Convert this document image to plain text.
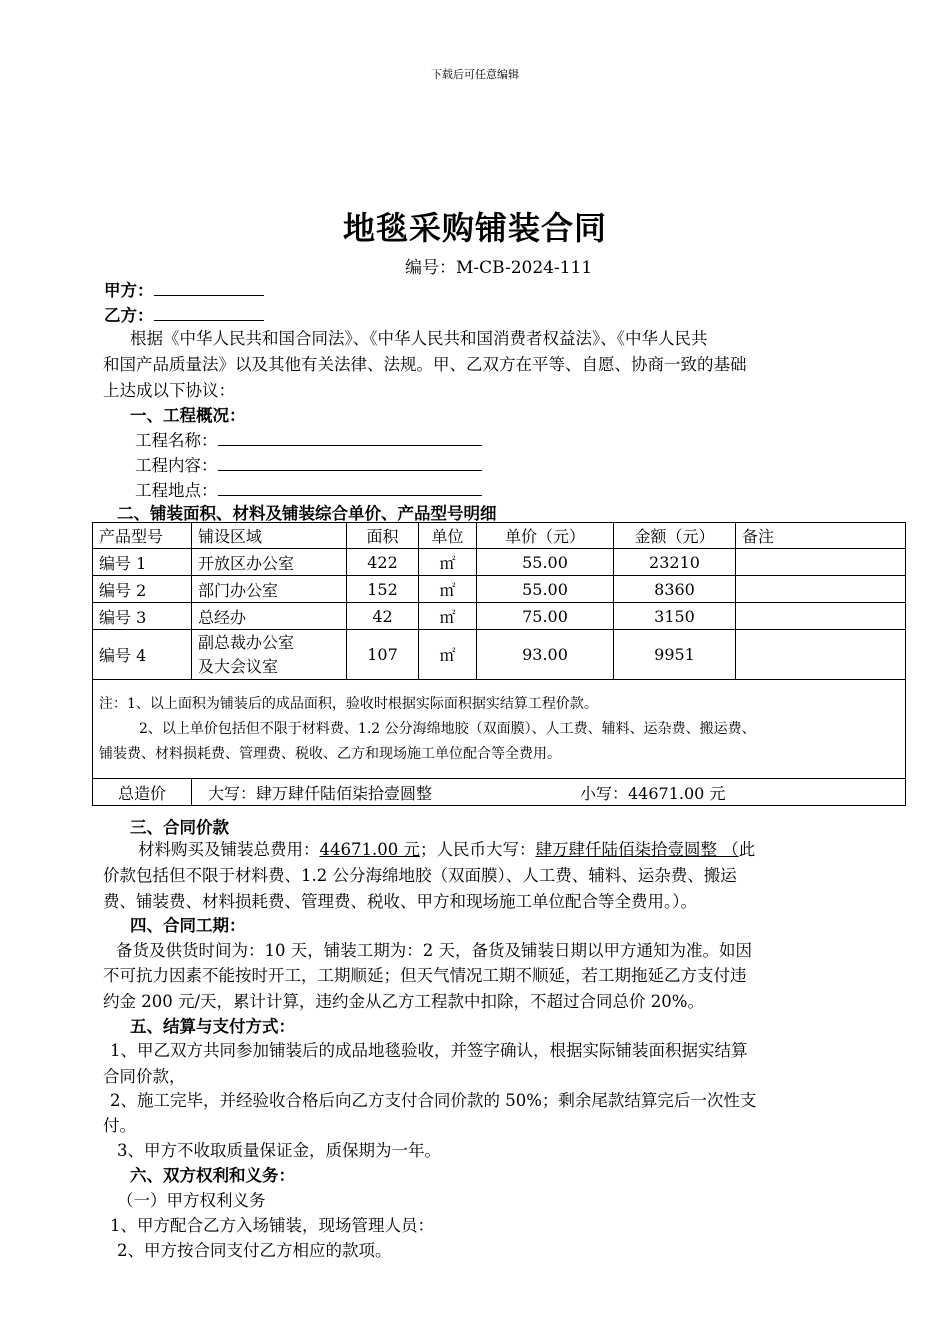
下载后可任意编辑
地毯采购铺装合同
编号：M-CB-2024-111
甲方：
乙方：
根据《中华人民共和国合同法》、《中华人民共和国消费者权益法》、《中华人民共
和国产品质量法》以及其他有关法律、法规。甲、乙双方在平等、自愿、协商一致的基础
上达成以下协议：
一、工程概况：
工程名称：
工程内容：
工程地点：
二、铺装面积、材料及铺装综合单价、产品型号明细
产品型号	铺设区域	面积	单位	单价（元）	金额（元）	备注
编号 1	开放区办公室	422	㎡	55.00	23210	
编号 2	部门办公室	152	㎡	55.00	8360	
编号 3	总经办	42	㎡	75.00	3150	
编号 4	副总裁办公室
及大会议室	107	㎡	93.00	9951	

注：1、以上面积为铺装后的成品面积，验收时根据实际面积据实结算工程价款。
2、以上单价包括但不限于材料费、1.2 公分海绵地胶（双面膜）、人工费、辅料、运杂费、搬运费、
铺装费、材料损耗费、管理费、税收、乙方和现场施工单位配合等全费用。						

总造价	大写：肆万肆仟陆佰柒拾壹圆整 小写：44671.00 元					
三、合同价款
材料购买及铺装总费用：44671.00 元；人民币大写：肆万肆仟陆佰柒拾壹圆整 （此
价款包括但不限于材料费、1.2 公分海绵地胶（双面膜）、人工费、辅料、运杂费、搬运
费、铺装费、材料损耗费、管理费、税收、甲方和现场施工单位配合等全费用。）。
四、合同工期：
备货及供货时间为：10 天，铺装工期为：2 天，备货及铺装日期以甲方通知为准。如因
不可抗力因素不能按时开工，工期顺延；但天气情况工期不顺延，若工期拖延乙方支付违
约金 200 元/天，累计计算，违约金从乙方工程款中扣除，不超过合同总价 20%。
五、结算与支付方式：
1、甲乙双方共同参加铺装后的成品地毯验收，并签字确认，根据实际铺装面积据实结算
合同价款，
2、施工完毕，并经验收合格后向乙方支付合同价款的 50%；剩余尾款结算完后一次性支
付。
3、甲方不收取质量保证金，质保期为一年。
六、双方权利和义务：
（一）甲方权利义务
1、甲方配合乙方入场铺装，现场管理人员：
2、甲方按合同支付乙方相应的款项。
